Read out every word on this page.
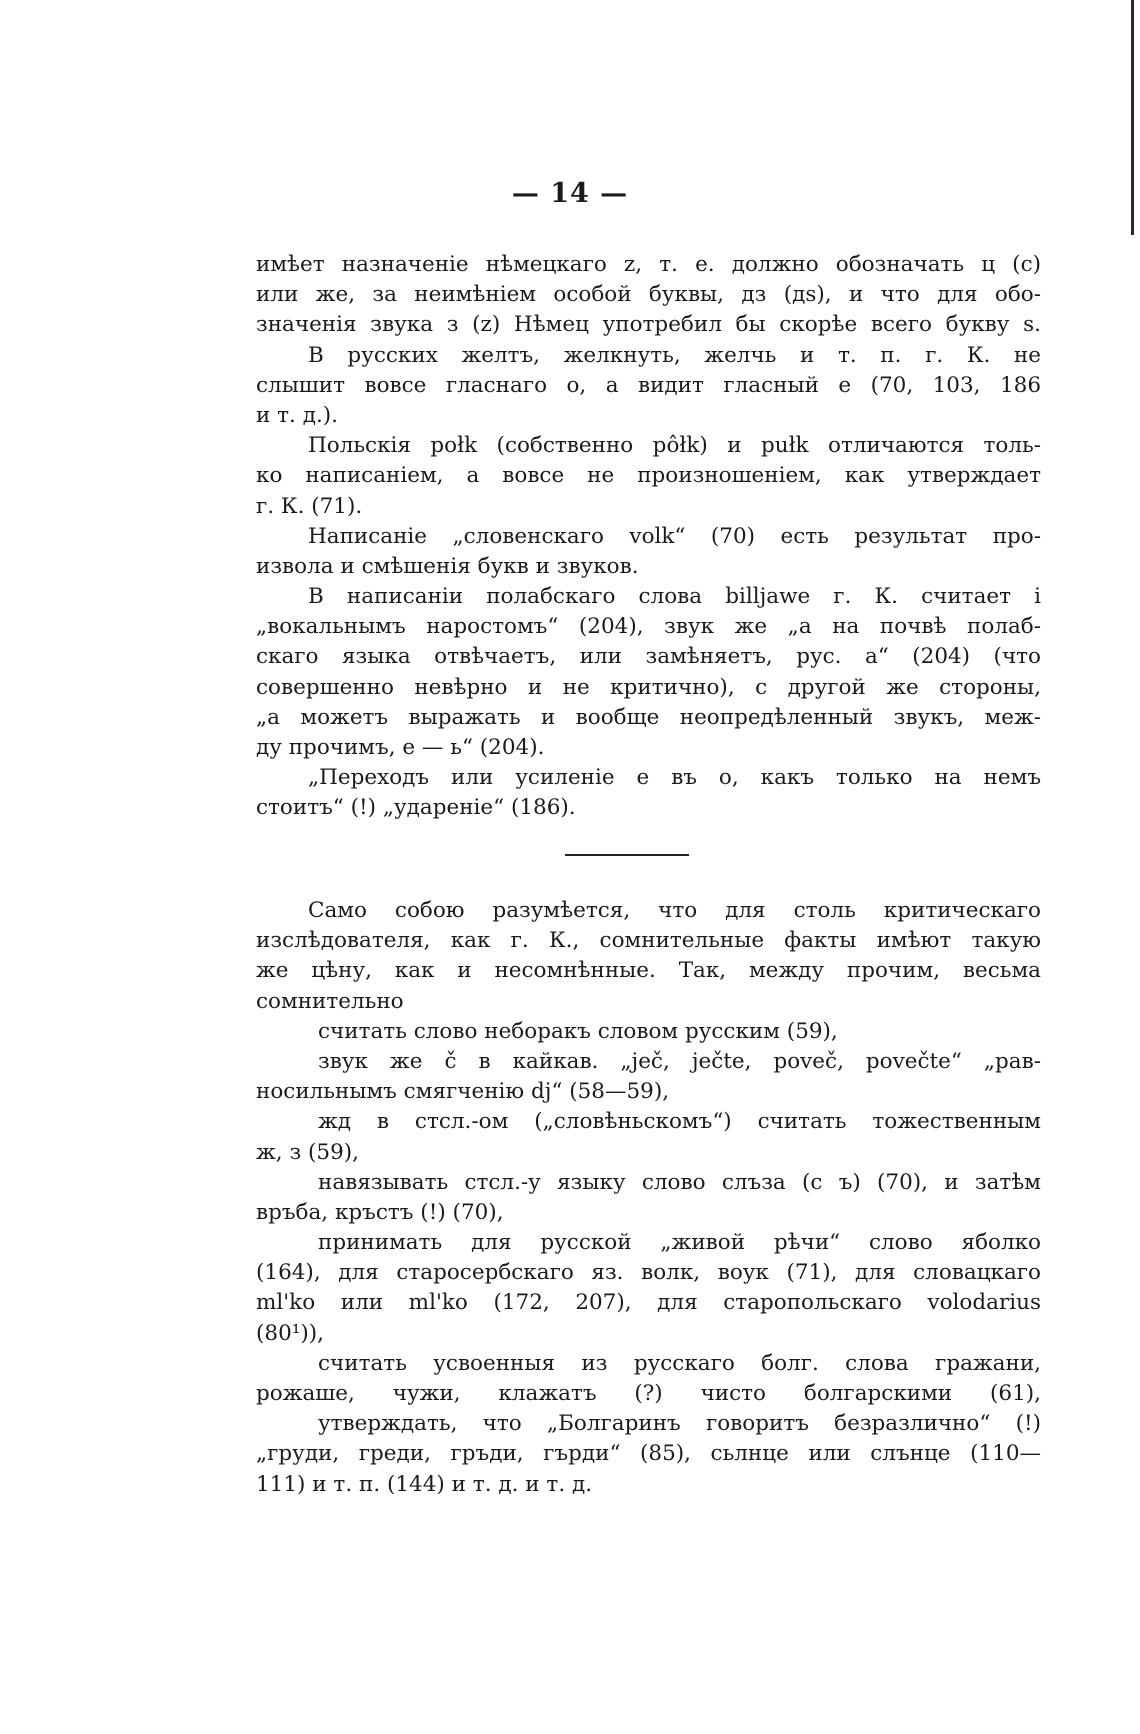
— 14 —
имѣет назначеніе нѣмецкаго z, т. е. должно обозначать ц (c)
или же, за неимѣніем особой буквы, дз (дѕ), и что для обо-
значенія звука з (z) Нѣмец употребил бы скорѣе всего букву s.
В русских желтъ, желкнуть, желчь и т. п. г. К. не
слышит вовсе гласнаго о, а видит гласный е (70, 103, 186
и т. д.).
Польскія połk (собственно pôłk) и pułk отличаются толь-
ко написаніем, а вовсе не произношеніем, как утверждает
г. К. (71).
Написаніе „словенскаго volk“ (70) есть результат про-
извола и смѣшенія букв и звуков.
В написаніи полабскаго слова billjawe г. К. считает i
„вокальнымъ наростомъ“ (204), звук же „а на почвѣ полаб-
скаго языка отвѣчаетъ, или замѣняетъ, рус. а“ (204) (что
совершенно невѣрно и не критично), с другой же стороны,
„а можетъ выражать и вообще неопредѣленный звукъ, меж-
ду прочимъ, е — ь“ (204).
„Переходъ или усиленіе е въ о, какъ только на немъ
стоитъ“ (!) „удареніе“ (186).
Само собою разумѣется, что для столь критическаго
изслѣдователя, как г. К., сомнительные факты имѣют такую
же цѣну, как и несомнѣнные. Так, между прочим, весьма
сомнительно
считать слово неборакъ словом русским (59),
звук же č в кайкав. „ječ, ječte, poveč, povečte“ „рав-
носильнымъ смягченію dj“ (58—59),
жд в стсл.-ом („словѣньскомъ“) считать тожественным
ж, з (59),
навязывать стсл.-у языку слово слъза (с ъ) (70), и затѣм
връба, кръстъ (!) (70),
принимать для русской „живой рѣчи“ слово яболко
(164), для старосербскаго яз. волк, воук (71), для словацкаго
ml'ko или ml'ko (172, 207), для старопольскаго volodarius
(80¹)),
считать усвоенныя из русскаго болг. слова гражани,
рожаше, чужи, клажатъ (?) чисто болгарскими (61),
утверждать, что „Болгаринъ говоритъ безразлично“ (!)
„груди, греди, гръди, гърди“ (85), сьлнце или слънце (110—
111) и т. п. (144) и т. д. и т. д.
